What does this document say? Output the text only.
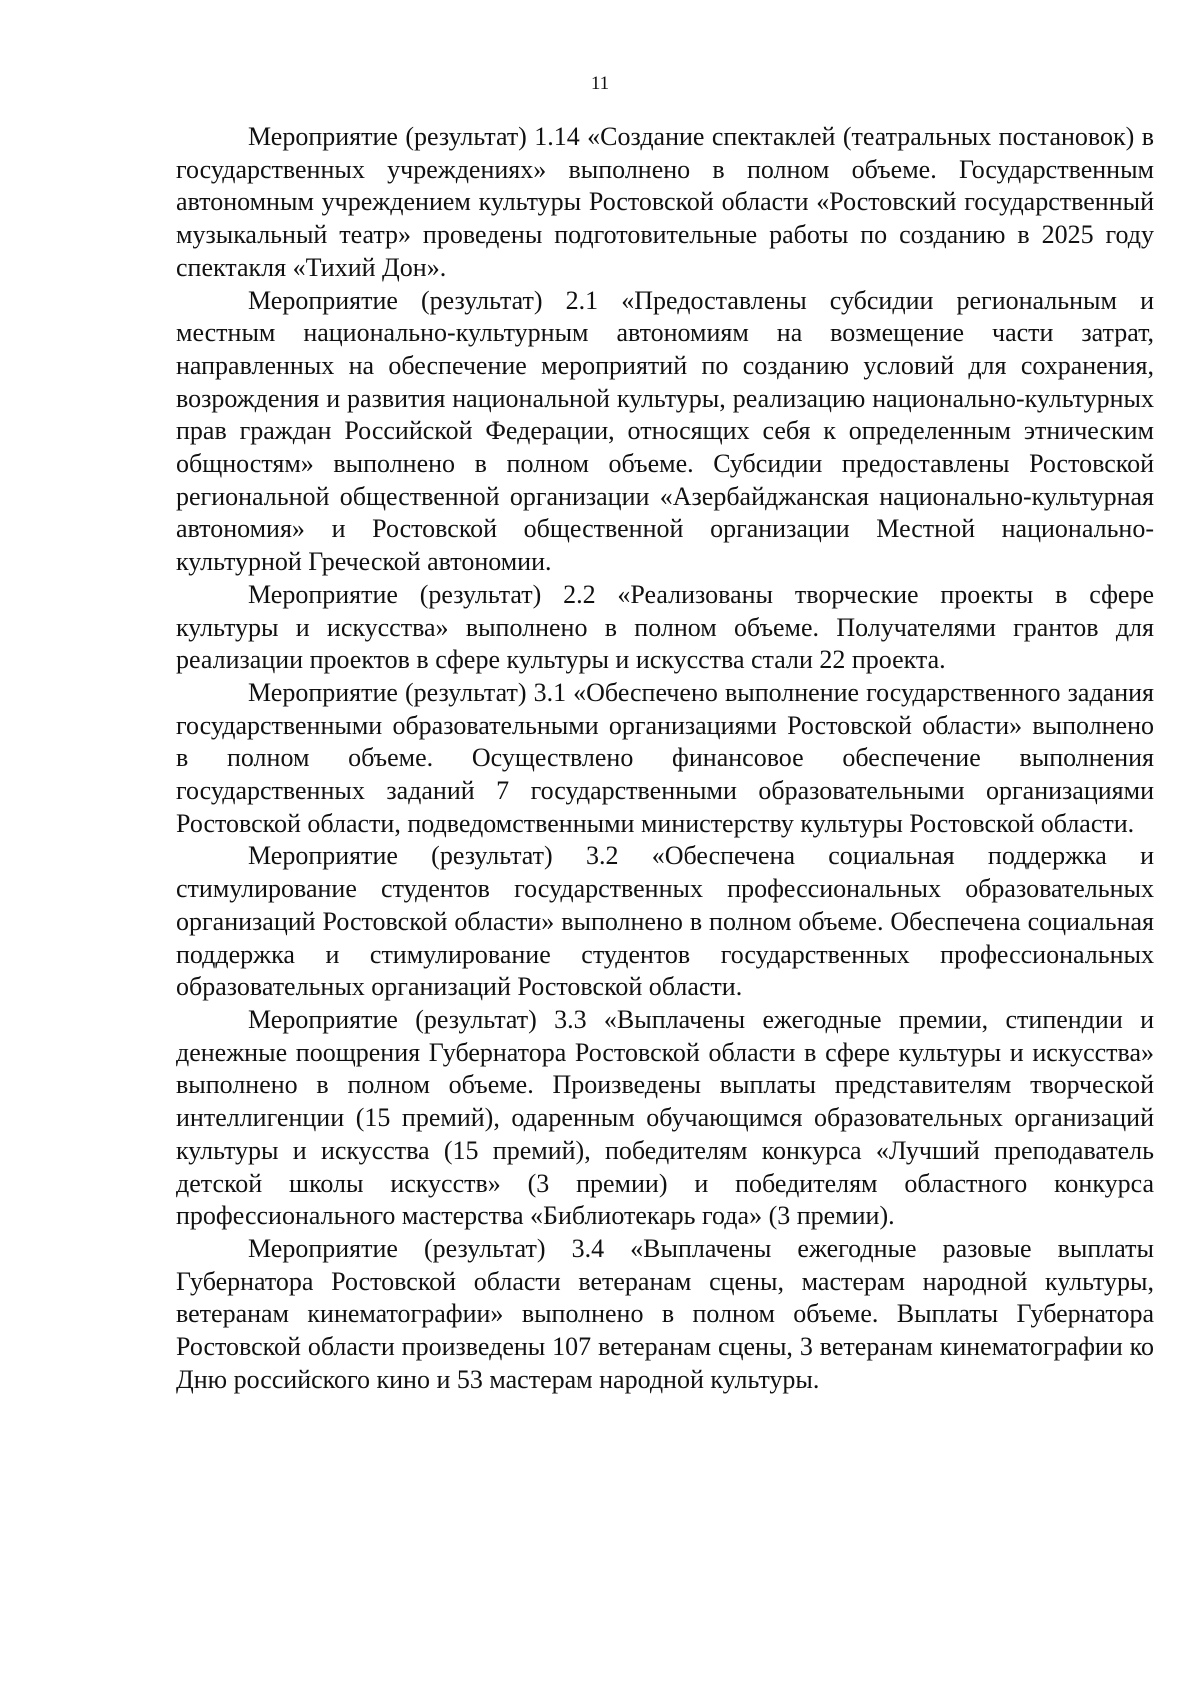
11

Мероприятие (результат) 1.14 «Создание спектаклей (театральных постановок) в государственных учреждениях» выполнено в полном объеме. Государственным автономным учреждением культуры Ростовской области «Ростовский государственный музыкальный театр» проведены подготовительные работы по созданию в 2025 году спектакля «Тихий Дон».

Мероприятие (результат) 2.1 «Предоставлены субсидии региональным и местным национально-культурным автономиям на возмещение части затрат, направленных на обеспечение мероприятий по созданию условий для сохранения, возрождения и развития национальной культуры, реализацию национально-культурных прав граждан Российской Федерации, относящих себя к определенным этническим общностям» выполнено в полном объеме. Субсидии предоставлены Ростовской региональной общественной организации «Азербайджанская национально-культурная автономия» и Ростовской общественной организации Местной национально-культурной Греческой автономии.

Мероприятие (результат) 2.2 «Реализованы творческие проекты в сфере культуры и искусства» выполнено в полном объеме. Получателями грантов для реализации проектов в сфере культуры и искусства стали 22 проекта.

Мероприятие (результат) 3.1 «Обеспечено выполнение государственного задания государственными образовательными организациями Ростовской области» выполнено в полном объеме. Осуществлено финансовое обеспечение выполнения государственных заданий 7 государственными образовательными организациями Ростовской области, подведомственными министерству культуры Ростовской области.

Мероприятие (результат) 3.2 «Обеспечена социальная поддержка и стимулирование студентов государственных профессиональных образовательных организаций Ростовской области» выполнено в полном объеме. Обеспечена социальная поддержка и стимулирование студентов государственных профессиональных образовательных организаций Ростовской области.

Мероприятие (результат) 3.3 «Выплачены ежегодные премии, стипендии и денежные поощрения Губернатора Ростовской области в сфере культуры и искусства» выполнено в полном объеме. Произведены выплаты представителям творческой интеллигенции (15 премий), одаренным обучающимся образовательных организаций культуры и искусства (15 премий), победителям конкурса «Лучший преподаватель детской школы искусств» (3 премии) и победителям областного конкурса профессионального мастерства «Библиотекарь года» (3 премии).

Мероприятие (результат) 3.4 «Выплачены ежегодные разовые выплаты Губернатора Ростовской области ветеранам сцены, мастерам народной культуры, ветеранам кинематографии» выполнено в полном объеме. Выплаты Губернатора Ростовской области произведены 107 ветеранам сцены, 3 ветеранам кинематографии ко Дню российского кино и 53 мастерам народной культуры.
